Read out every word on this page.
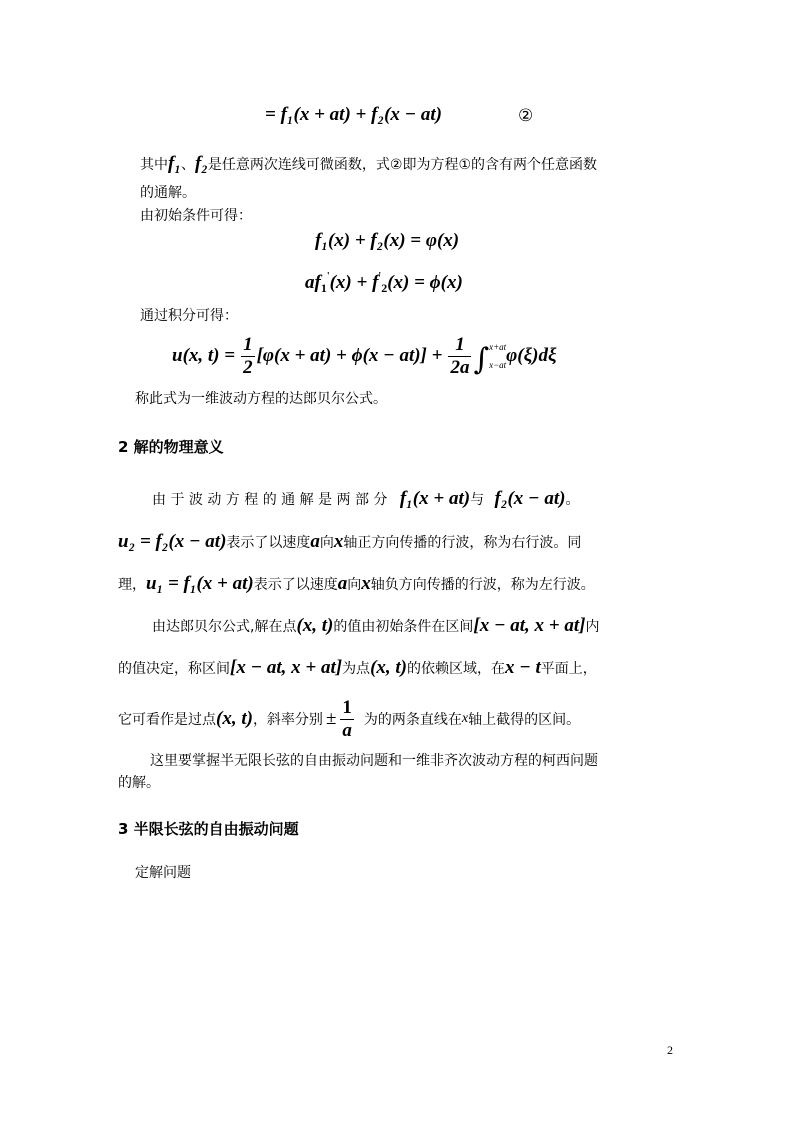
= f₁(x + at) + f₂(x − at)	②
其中f₁、f₂是任意两次连线可微函数，式②即为方程①的含有两个任意函数
的通解。
由初始条件可得：
f₁(x) + f₂(x) = φ(x)
$af_1'(x) + f'_2(x) = \phi(x)$
通过积分可得：
u(x, $t) = \frac{1}{2} [\varphi(x + at) + \phi(x - at)] + \frac{1}{2a}$ ∫ x+at
x−at φ(ξ)dξ
称此式为一维波动方程的达郎贝尔公式。
2 解的物理意义
由 于 波 动 方 程 的 通 解 是 两 部 分 f₁(x + at)与 f₂(x − at)。
u₂ = f₂(x − at)表示了以速度a向x轴正方向传播的行波，称为右行波。同
理，u₁ = f₁(x + at)表示了以速度a向x轴负方向传播的行波，称为左行波。
由达郎贝尔公式,解在点(x, t)的值由初始条件在区间[x − at, x + at]内
的值决定，称区间[x − at, x + at]为点(x, t)的依赖区域，在x − t平面上，
它可看作是过点 (x, t) ，斜率分别 ± $\frac{1}{a}$ 为的两条直线在 x 轴上截得的区间。
这里要掌握半无限长弦的自由振动问题和一维非齐次波动方程的柯西问题
的解。
3 半限长弦的自由振动问题
定解问题
2
